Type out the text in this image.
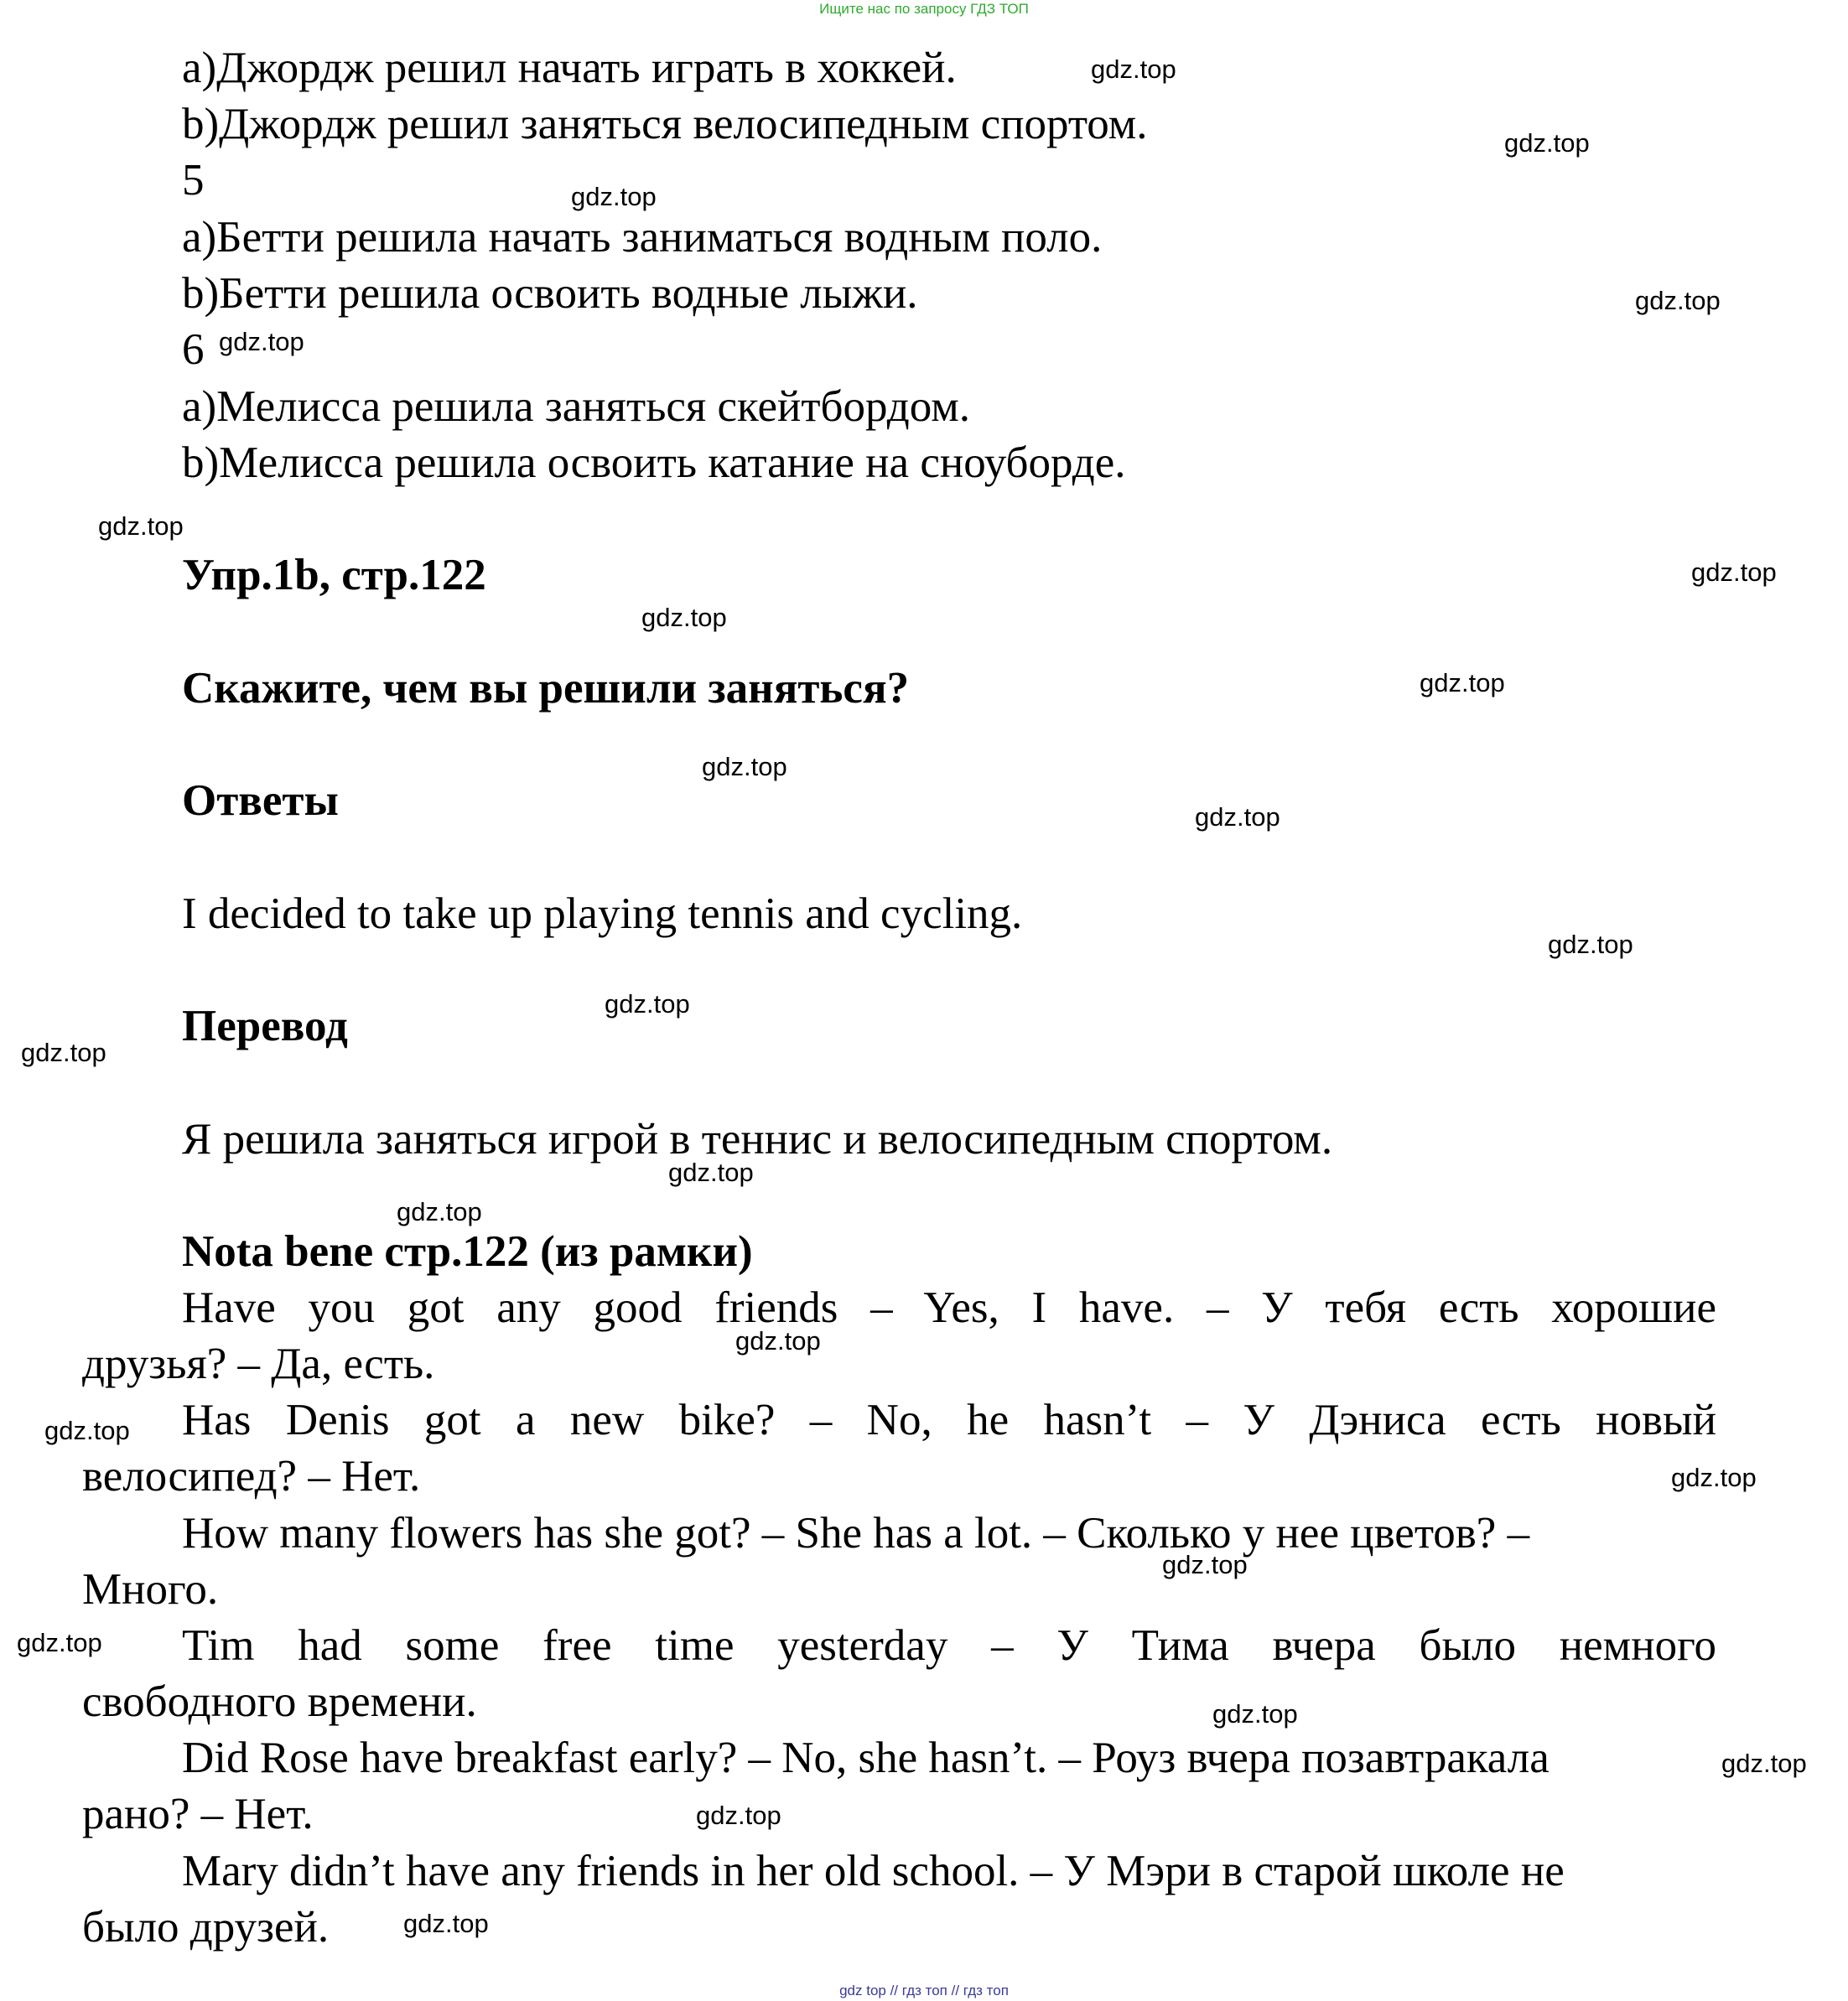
Ищите нас по запросу ГДЗ ТОП
a)Джордж решил начать играть в хоккей.
b)Джордж решил заняться велосипедным спортом.
5
a)Бетти решила начать заниматься водным поло.
b)Бетти решила освоить водные лыжи.
6
a)Мелисса решила заняться скейтбордом.
b)Мелисса решила освоить катание на сноуборде.
Упр.1b, стр.122
Скажите, чем вы решили заняться?
Ответы
I decided to take up playing tennis and cycling.
Перевод
Я решила заняться игрой в теннис и велосипедным спортом.
Nota bene стр.122 (из рамки)
Have you got any good friends – Yes, I have. – У тебя есть хорошие
друзья? – Да, есть.
Has Denis got a new bike? – No, he hasn’t – У Дэниса есть новый
велосипед? – Нет.
How many flowers has she got? – She has a lot. – Сколько у нее цветов? –
Много.
Tim had some free time yesterday – У Тима вчера было немного
свободного времени.
Did Rose have breakfast early? – No, she hasn’t. – Роуз вчера позавтракала
рано? – Нет.
Mary didn’t have any friends in her old school. – У Мэри в старой школе не
было друзей.
gdz.top
gdz.top
gdz.top
gdz.top
gdz.top
gdz.top
gdz.top
gdz.top
gdz.top
gdz.top
gdz.top
gdz.top
gdz.top
gdz.top
gdz.top
gdz.top
gdz.top
gdz.top
gdz.top
gdz.top
gdz.top
gdz.top
gdz.top
gdz.top
gdz.top
gdz top // гдз топ // гдз топ
